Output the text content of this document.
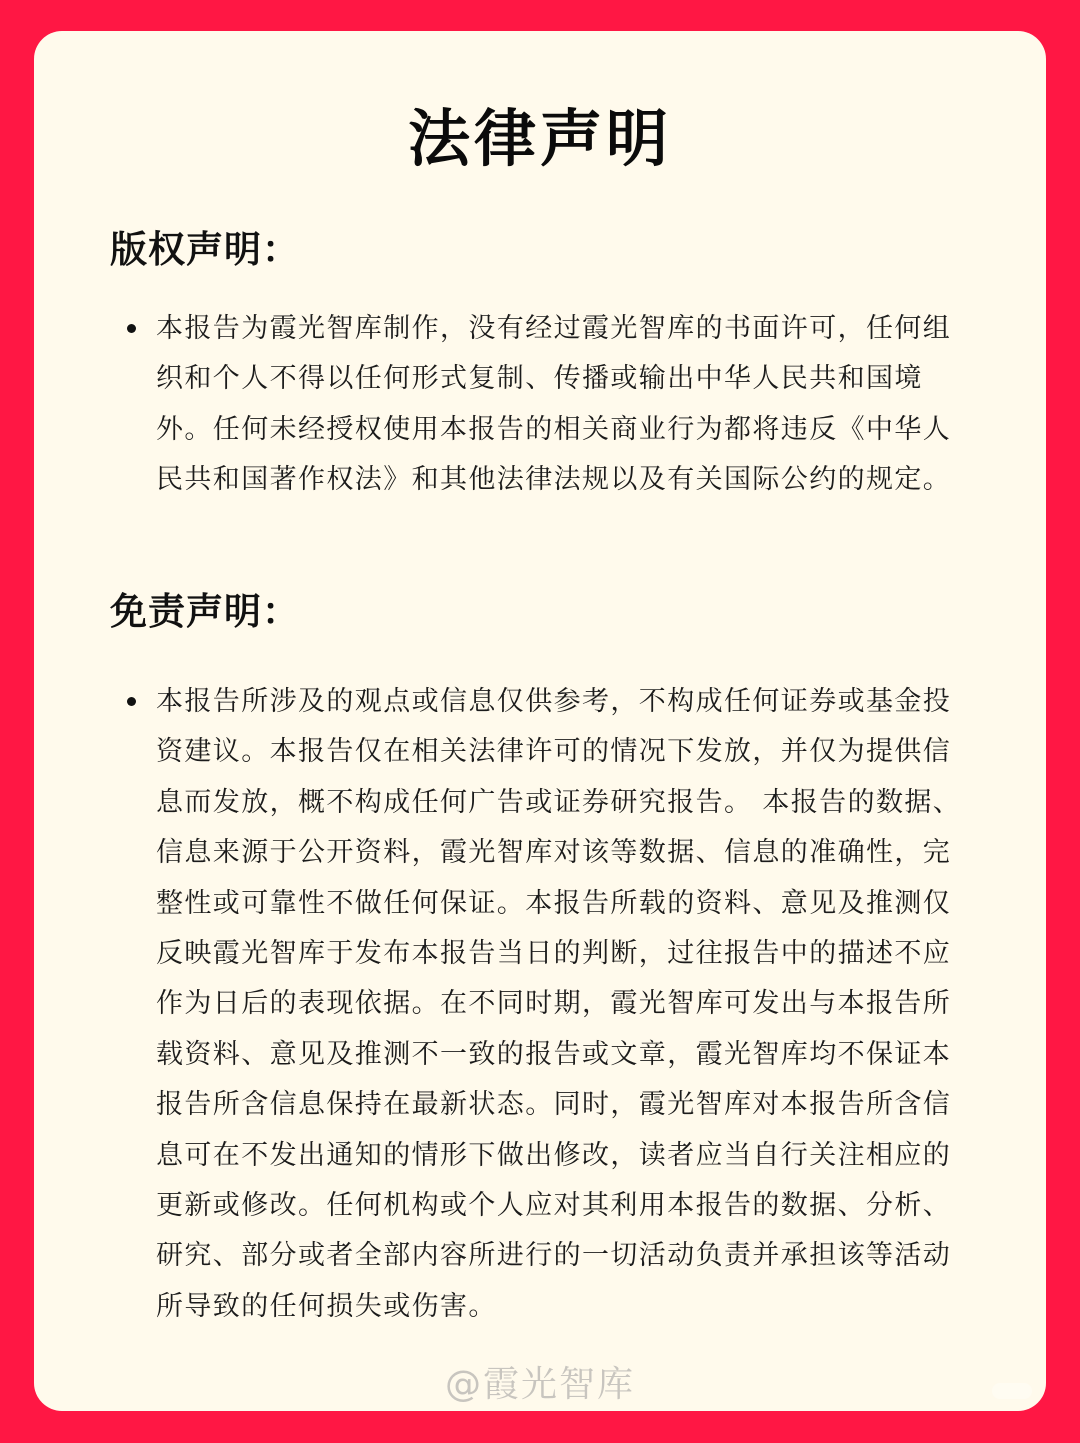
法律声明
版权声明：
本报告为霞光智库制作，没有经过霞光智库的书面许可，任何组织和个人不得以任何形式复制、传播或输出中华人民共和国境外。任何未经授权使用本报告的相关商业行为都将违反《中华人民共和国著作权法》和其他法律法规以及有关国际公约的规定。
免责声明：
本报告所涉及的观点或信息仅供参考，不构成任何证券或基金投资建议。本报告仅在相关法律许可的情况下发放，并仅为提供信息而发放，概不构成任何广告或证券研究报告。 本报告的数据、信息来源于公开资料，霞光智库对该等数据、信息的准确性，完整性或可靠性不做任何保证。本报告所载的资料、意见及推测仅反映霞光智库于发布本报告当日的判断，过往报告中的描述不应作为日后的表现依据。在不同时期，霞光智库可发出与本报告所载资料、意见及推测不一致的报告或文章，霞光智库均不保证本报告所含信息保持在最新状态。同时，霞光智库对本报告所含信息可在不发出通知的情形下做出修改，读者应当自行关注相应的更新或修改。任何机构或个人应对其利用本报告的数据、分析、研究、部分或者全部内容所进行的一切活动负责并承担该等活动所导致的任何损失或伤害。
@霞光智库
